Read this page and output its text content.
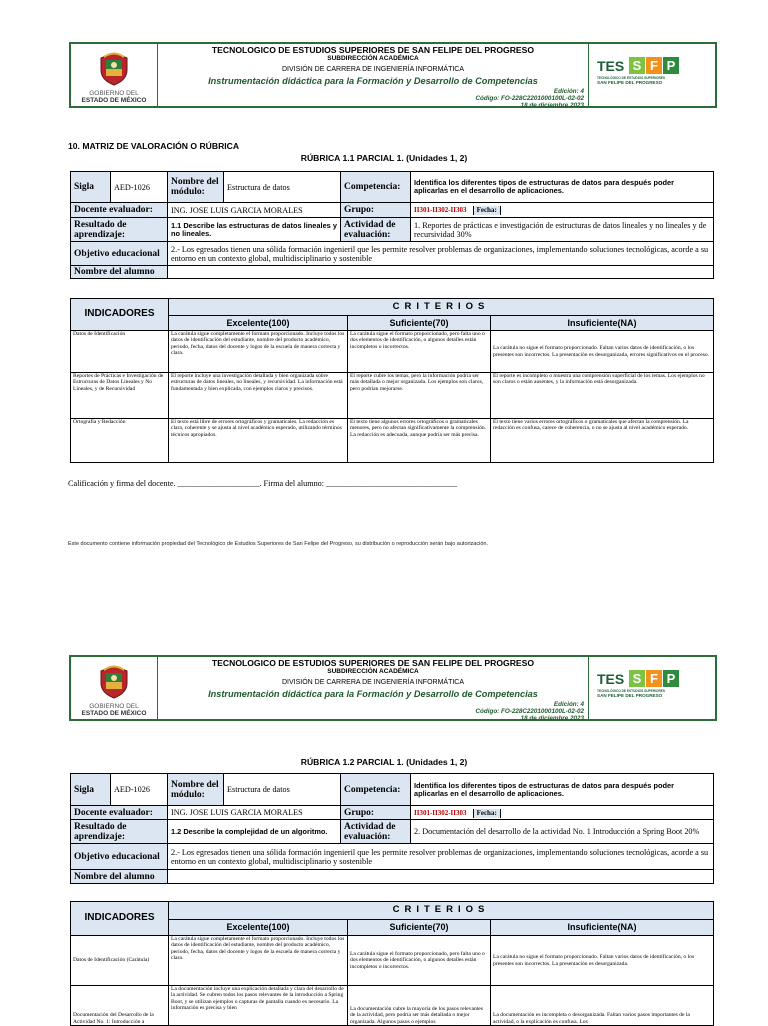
GOBIERNO DEL
ESTADO DE MÉXICO
TECNOLOGICO DE ESTUDIOS SUPERIORES DE SAN FELIPE DEL PROGRESO
SUBDIRECCIÓN ACADÉMICA
DIVISIÓN DE CARRERA DE INGENIERÍA INFORMÁTICA
Instrumentación didáctica para la Formación y Desarrollo de Competencias
Edición: 4
Código: FO-228C2201000100L-02-02
18 de diciembre 2023
TES S F P
TECNOLÓGICO DE ESTUDIOS SUPERIORES
SAN FELIPE DEL PROGRESO
10. MATRIZ DE VALORACIÓN O RÚBRICA
RÚBRICA 1.1 PARCIAL 1. (Unidades 1, 2)
Sigla	AED-1026	Nombre del módulo:	Estructura de datos	Competencia:	Identifica los diferentes tipos de estructuras de datos para después poder aplicarlas en el desarrollo de aplicaciones.
Docente evaluador:		ING. JOSE LUIS GARCIA MORALES		Grupo:	II301-II302-II303 Fecha:
Resultado de aprendizaje:		1.1 Describe las estructuras de datos lineales y no lineales.		Actividad de evaluación:	1. Reportes de prácticas e investigación de estructuras de datos lineales y no lineales y de recursividad 30%
Objetivo educacional		2.- Los egresados tienen una sólida formación ingenieril que les permite resolver problemas de organizaciones, implementando soluciones tecnológicas, acorde a su entorno en un contexto global, multidisciplinario y sostenible			
Nombre del alumno					
INDICADORES	CRITERIOS		
	Excelente(100)	Suficiente(70)	Insuficiente(NA)
Datos de Identificación	La carátula sigue completamente el formato proporcionado. Incluye todos los datos de identificación del estudiante, nombre del producto académico, periodo, fecha, datos del docente y logos de la escuela de manera correcta y clara.	La carátula sigue el formato proporcionado, pero falta uno o dos elementos de identificación, o algunos detalles están incompletos o incorrectos.	La carátula no sigue el formato proporcionado. Faltan varios datos de identificación, o los presentes son incorrectos. La presentación es desorganizada, errores significativos en el proceso.
Reportes de Prácticas e Investigación de Estructuras de Datos Lineales y No Lineales, y de Recursividad	El reporte incluye una investigación detallada y bien organizada sobre estructuras de datos lineales, no lineales, y recursividad. La información está fundamentada y bien explicada, con ejemplos claros y precisos.	El reporte cubre los temas, pero la información podría ser más detallada o mejor organizada. Los ejemplos son claros, pero podrían mejorarse.	El reporte es incompleto o muestra una comprensión superficial de los temas. Los ejemplos no son claros o están ausentes, y la información está desorganizada.
Ortografía y Redacción	El texto está libre de errores ortográficos y gramaticales. La redacción es clara, coherente y se ajusta al nivel académico esperado, utilizando términos técnicos apropiados.	El texto tiene algunos errores ortográficos o gramaticales menores, pero no afectan significativamente la comprensión. La redacción es adecuada, aunque podría ser más precisa.	El texto tiene varios errores ortográficos o gramaticales que afectan la comprensión. La redacción es confusa, carece de coherencia, o no se ajusta al nivel académico esperado.
Calificación y firma del docente. ____________________. Firma del alumno: ________________________________
Este documento contiene información propiedad del Tecnológico de Estudios Superiores de San Felipe del Progreso, su distribución o reproducción serán bajo autorización.
GOBIERNO DEL
ESTADO DE MÉXICO
TECNOLOGICO DE ESTUDIOS SUPERIORES DE SAN FELIPE DEL PROGRESO
SUBDIRECCIÓN ACADÉMICA
DIVISIÓN DE CARRERA DE INGENIERÍA INFORMÁTICA
Instrumentación didáctica para la Formación y Desarrollo de Competencias
Edición: 4
Código: FO-228C2201000100L-02-02
18 de diciembre 2023
TES S F P
TECNOLÓGICO DE ESTUDIOS SUPERIORES
SAN FELIPE DEL PROGRESO
RÚBRICA 1.2 PARCIAL 1. (Unidades 1, 2)
Sigla	AED-1026	Nombre del módulo:	Estructura de datos	Competencia:	Identifica los diferentes tipos de estructuras de datos para después poder aplicarlas en el desarrollo de aplicaciones.
Docente evaluador:		ING. JOSE LUIS GARCIA MORALES		Grupo:	II301-II302-II303 Fecha:
Resultado de aprendizaje:		1.2 Describe la complejidad de un algoritmo.		Actividad de evaluación:	2. Documentación del desarrollo de la actividad No. 1 Introducción a Spring Boot 20%
Objetivo educacional		2.- Los egresados tienen una sólida formación ingenieril que les permite resolver problemas de organizaciones, implementando soluciones tecnológicas, acorde a su entorno en un contexto global, multidisciplinario y sostenible			
Nombre del alumno					
INDICADORES	CRITERIOS		
	Excelente(100)	Suficiente(70)	Insuficiente(NA)
Datos de Identificación (Carátula)	La carátula sigue completamente el formato proporcionado. Incluye todos los datos de identificación del estudiante, nombre del producto académico, periodo, fecha, datos del docente y logos de la escuela de manera correcta y clara.	La carátula sigue el formato proporcionado, pero falta uno o dos elementos de identificación, o algunos detalles están incompletos o incorrectos.	La carátula no sigue el formato proporcionado. Faltan varios datos de identificación, o los presentes son incorrectos. La presentación es desorganizada.
Documentación del Desarrollo de la Actividad No. 1: Introducción a	La documentación incluye una explicación detallada y clara del desarrollo de la actividad. Se cubren todos los pasos relevantes de la introducción a Spring Boot, y se utilizan ejemplos o capturas de pantalla cuando es necesario. La información es precisa y bien	La documentación cubre la mayoría de los pasos relevantes de la actividad, pero podría ser más detallada o mejor organizada. Algunos pasos o ejemplos	La documentación es incompleta o desorganizada. Faltan varios pasos importantes de la actividad, o la explicación es confusa. Los
